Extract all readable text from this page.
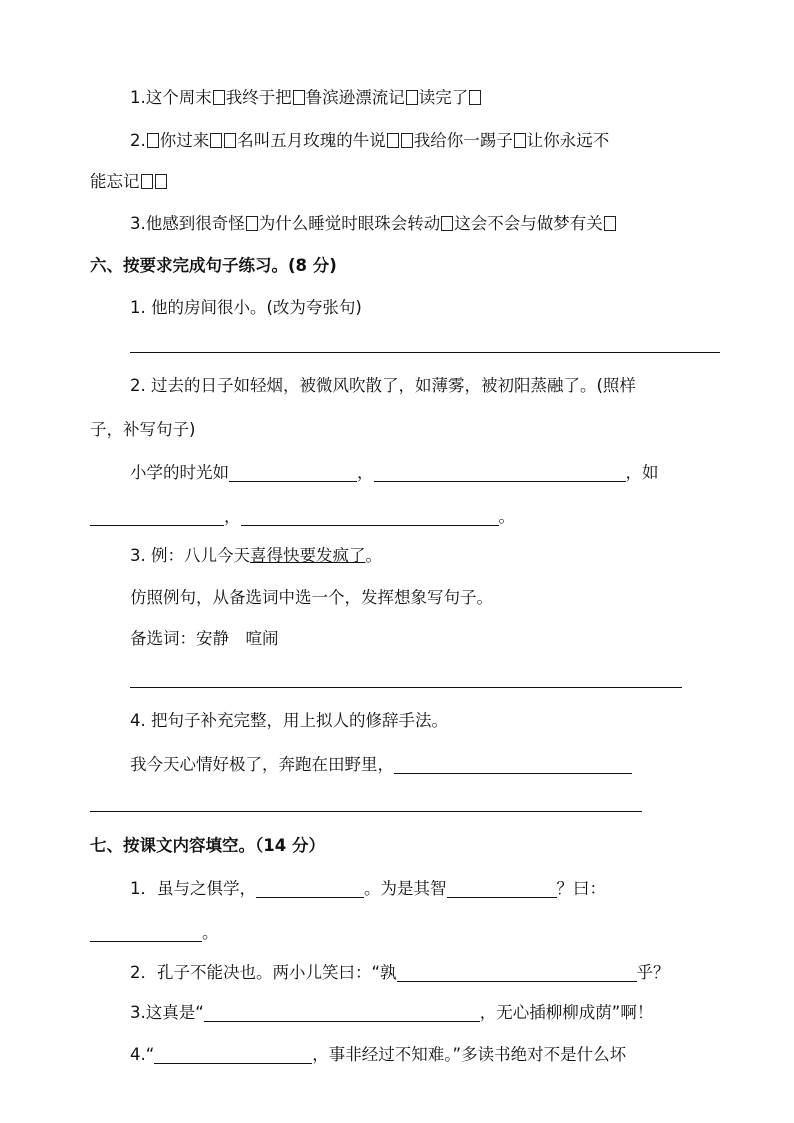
1.这个周末 我终于把 鲁滨逊漂流记 读完了
2. 你过来 名叫五月玫瑰的牛说 我给你一踢子 让你永远不
能忘记
3.他感到很奇怪 为什么睡觉时眼珠会转动 这会不会与做梦有关
六、按要求完成句子练习。(8 分)
1. 他的房间很小。(改为夸张句)
2. 过去的日子如轻烟，被微风吹散了，如薄雾，被初阳蒸融了。(照样
子，补写句子)
小学的时光如	，	，如
，	。
3. 例：八儿今天喜得快要发疯了。
仿照例句，从备选词中选一个，发挥想象写句子。
备选词：安静　喧闹
4. 把句子补充完整，用上拟人的修辞手法。
我今天心情好极了，奔跑在田野里，
七、按课文内容填空。（14 分）
1．虽与之俱学，	。为是其智	？曰：
。
2．孔子不能决也。两小儿笑曰：“孰	乎？
3.这真是“	，无心插柳柳成荫”啊！
4.“	，事非经过不知难。”多读书绝对不是什么坏
